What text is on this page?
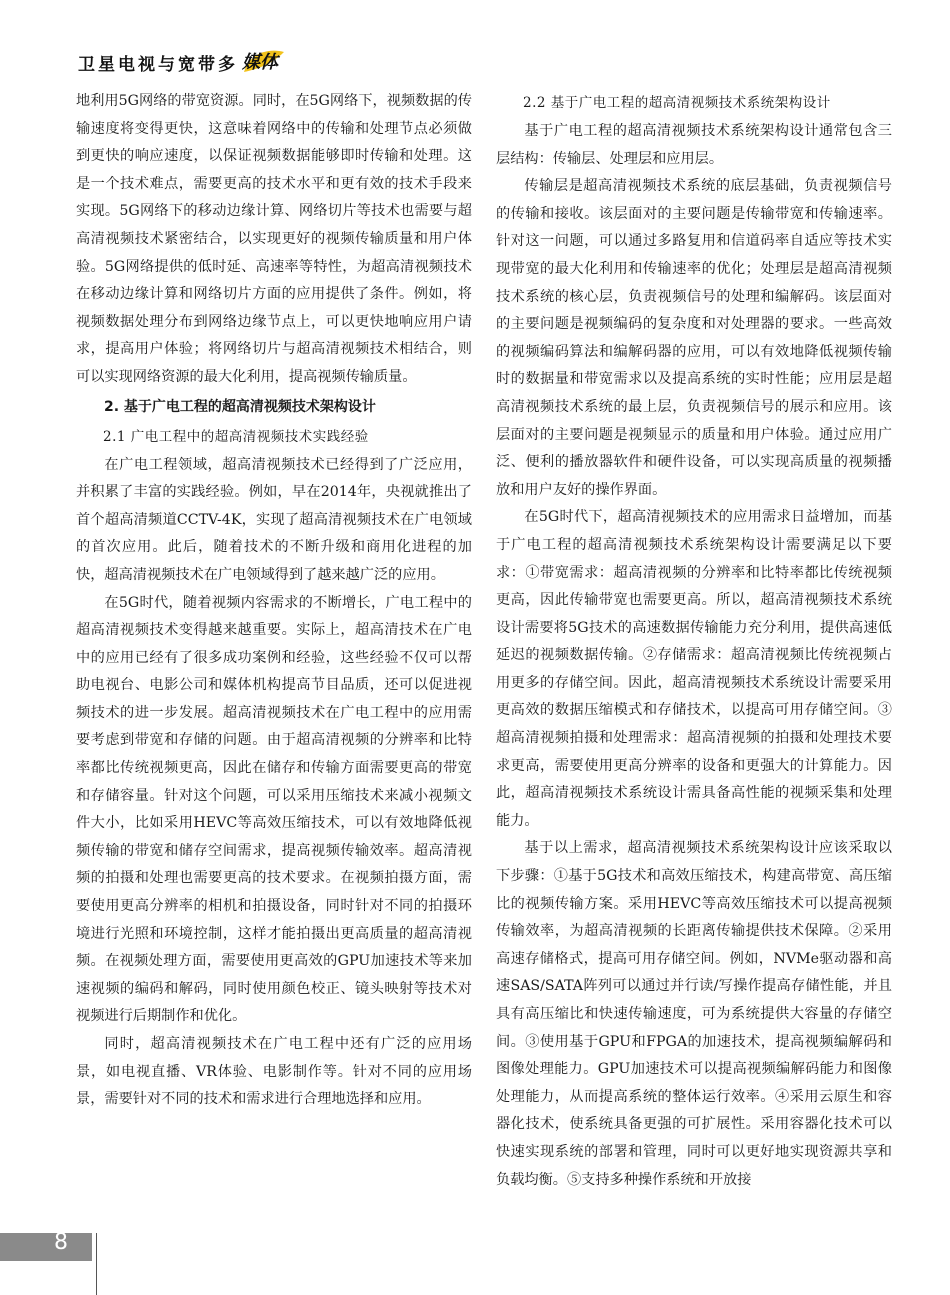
卫星电视与宽带多 媒体

地利用5G网络的带宽资源。同时，在5G网络下，视频数据的传输速度将变得更快，这意味着网络中的传输和处理节点必须做到更快的响应速度，以保证视频数据能够即时传输和处理。这是一个技术难点，需要更高的技术水平和更有效的技术手段来实现。5G网络下的移动边缘计算、网络切片等技术也需要与超高清视频技术紧密结合，以实现更好的视频传输质量和用户体验。5G网络提供的低时延、高速率等特性，为超高清视频技术在移动边缘计算和网络切片方面的应用提供了条件。例如，将视频数据处理分布到网络边缘节点上，可以更快地响应用户请求，提高用户体验；将网络切片与超高清视频技术相结合，则可以实现网络资源的最大化利用，提高视频传输质量。

2. 基于广电工程的超高清视频技术架构设计

2.1 广电工程中的超高清视频技术实践经验

在广电工程领域，超高清视频技术已经得到了广泛应用，并积累了丰富的实践经验。例如，早在2014年，央视就推出了首个超高清频道CCTV-4K，实现了超高清视频技术在广电领域的首次应用。此后，随着技术的不断升级和商用化进程的加快，超高清视频技术在广电领域得到了越来越广泛的应用。

在5G时代，随着视频内容需求的不断增长，广电工程中的超高清视频技术变得越来越重要。实际上，超高清技术在广电中的应用已经有了很多成功案例和经验，这些经验不仅可以帮助电视台、电影公司和媒体机构提高节目品质，还可以促进视频技术的进一步发展。超高清视频技术在广电工程中的应用需要考虑到带宽和存储的问题。由于超高清视频的分辨率和比特率都比传统视频更高，因此在储存和传输方面需要更高的带宽和存储容量。针对这个问题，可以采用压缩技术来减小视频文件大小，比如采用HEVC等高效压缩技术，可以有效地降低视频传输的带宽和储存空间需求，提高视频传输效率。超高清视频的拍摄和处理也需要更高的技术要求。在视频拍摄方面，需要使用更高分辨率的相机和拍摄设备，同时针对不同的拍摄环境进行光照和环境控制，这样才能拍摄出更高质量的超高清视频。在视频处理方面，需要使用更高效的GPU加速技术等来加速视频的编码和解码，同时使用颜色校正、镜头映射等技术对视频进行后期制作和优化。

同时，超高清视频技术在广电工程中还有广泛的应用场景，如电视直播、VR体验、电影制作等。针对不同的应用场景，需要针对不同的技术和需求进行合理地选择和应用。

2.2 基于广电工程的超高清视频技术系统架构设计

基于广电工程的超高清视频技术系统架构设计通常包含三层结构：传输层、处理层和应用层。

传输层是超高清视频技术系统的底层基础，负责视频信号的传输和接收。该层面对的主要问题是传输带宽和传输速率。针对这一问题，可以通过多路复用和信道码率自适应等技术实现带宽的最大化利用和传输速率的优化；处理层是超高清视频技术系统的核心层，负责视频信号的处理和编解码。该层面对的主要问题是视频编码的复杂度和对处理器的要求。一些高效的视频编码算法和编解码器的应用，可以有效地降低视频传输时的数据量和带宽需求以及提高系统的实时性能；应用层是超高清视频技术系统的最上层，负责视频信号的展示和应用。该层面对的主要问题是视频显示的质量和用户体验。通过应用广泛、便利的播放器软件和硬件设备，可以实现高质量的视频播放和用户友好的操作界面。

在5G时代下，超高清视频技术的应用需求日益增加，而基于广电工程的超高清视频技术系统架构设计需要满足以下要求：①带宽需求：超高清视频的分辨率和比特率都比传统视频更高，因此传输带宽也需要更高。所以，超高清视频技术系统设计需要将5G技术的高速数据传输能力充分利用，提供高速低延迟的视频数据传输。②存储需求：超高清视频比传统视频占用更多的存储空间。因此，超高清视频技术系统设计需要采用更高效的数据压缩模式和存储技术，以提高可用存储空间。③超高清视频拍摄和处理需求：超高清视频的拍摄和处理技术要求更高，需要使用更高分辨率的设备和更强大的计算能力。因此，超高清视频技术系统设计需具备高性能的视频采集和处理能力。

基于以上需求，超高清视频技术系统架构设计应该采取以下步骤：①基于5G技术和高效压缩技术，构建高带宽、高压缩比的视频传输方案。采用HEVC等高效压缩技术可以提高视频传输效率，为超高清视频的长距离传输提供技术保障。②采用高速存储格式，提高可用存储空间。例如，NVMe驱动器和高速SAS/SATA阵列可以通过并行读/写操作提高存储性能，并且具有高压缩比和快速传输速度，可为系统提供大容量的存储空间。③使用基于GPU和FPGA的加速技术，提高视频编解码和图像处理能力。GPU加速技术可以提高视频编解码能力和图像处理能力，从而提高系统的整体运行效率。④采用云原生和容器化技术，使系统具备更强的可扩展性。采用容器化技术可以快速实现系统的部署和管理，同时可以更好地实现资源共享和负载均衡。⑤支持多种操作系统和开放接

8
